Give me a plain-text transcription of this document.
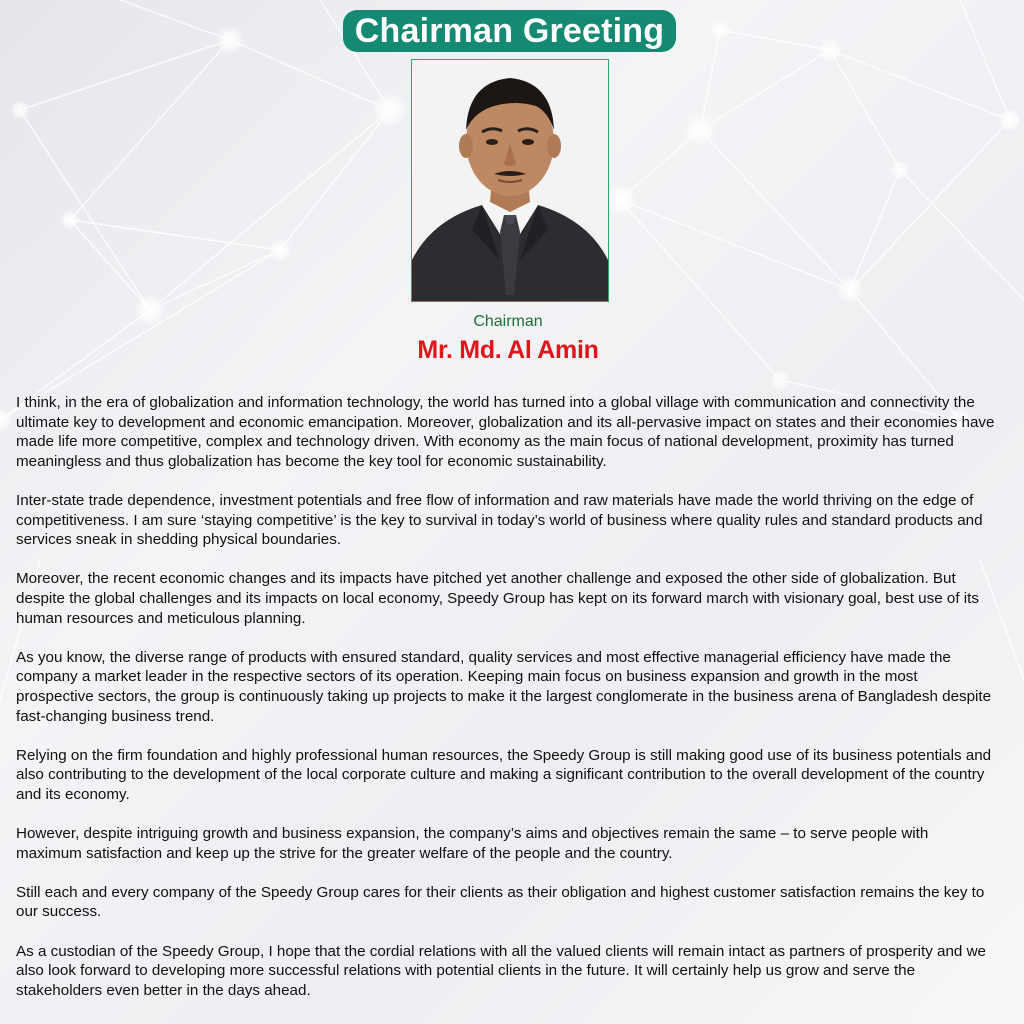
Chairman Greeting
Chairman
Mr. Md. Al Amin

I think, in the era of globalization and information technology, the world has turned into a global village with communication and connectivity the ultimate key to development and economic emancipation. Moreover, globalization and its all-pervasive impact on states and their economies have made life more competitive, complex and technology driven. With economy as the main focus of national development, proximity has turned meaningless and thus globalization has become the key tool for economic sustainability.

Inter-state trade dependence, investment potentials and free flow of information and raw materials have made the world thriving on the edge of competitiveness. I am sure ‘staying competitive’ is the key to survival in today’s world of business where quality rules and standard products and services sneak in shedding physical boundaries.

Moreover, the recent economic changes and its impacts have pitched yet another challenge and exposed the other side of globalization. But despite the global challenges and its impacts on local economy, Speedy Group has kept on its forward march with visionary goal, best use of its human resources and meticulous planning.

As you know, the diverse range of products with ensured standard, quality services and most effective managerial efficiency have made the company a market leader in the respective sectors of its operation. Keeping main focus on business expansion and growth in the most prospective sectors, the group is continuously taking up projects to make it the largest conglomerate in the business arena of Bangladesh despite fast-changing business trend.

Relying on the firm foundation and highly professional human resources, the Speedy Group is still making good use of its business potentials and also contributing to the development of the local corporate culture and making a significant contribution to the overall development of the country and its economy.

However, despite intriguing growth and business expansion, the company’s aims and objectives remain the same – to serve people with maximum satisfaction and keep up the strive for the greater welfare of the people and the country.

Still each and every company of the Speedy Group cares for their clients as their obligation and highest customer satisfaction remains the key to our success.

As a custodian of the Speedy Group, I hope that the cordial relations with all the valued clients will remain intact as partners of prosperity and we also look forward to developing more successful relations with potential clients in the future. It will certainly help us grow and serve the stakeholders even better in the days ahead.
